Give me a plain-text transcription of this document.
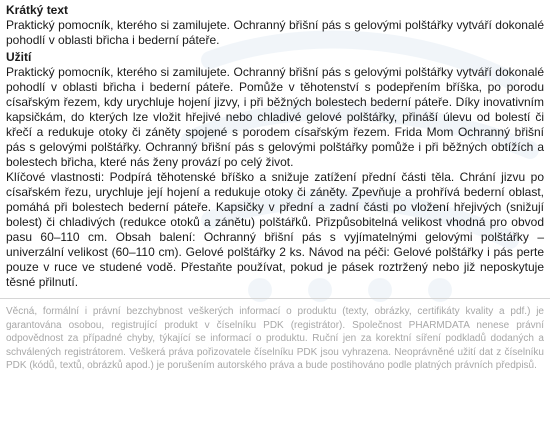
Krátký text

Praktický pomocník, kterého si zamilujete. Ochranný břišní pás s gelovými polštářky vytváří dokonalé pohodlí v oblasti břicha i bederní páteře.

Užití

Praktický pomocník, kterého si zamilujete. Ochranný břišní pás s gelovými polštářky vytváří dokonalé pohodlí v oblasti břicha i bederní páteře. Pomůže v těhotenství s podepřením bříška, po porodu císařským řezem, kdy urychluje hojení jizvy, i při běžných bolestech bederní páteře. Díky inovativním kapsičkám, do kterých lze vložit hřejivé nebo chladivé gelové polštářky, přináší úlevu od bolestí či křečí a redukuje otoky či záněty spojené s porodem císařským řezem. Frida Mom Ochranný břišní pás s gelovými polštářky. Ochranný břišní pás s gelovými polštářky pomůže i při běžných obtížích a bolestech břicha, které nás ženy provází po celý život.

Klíčové vlastnosti: Podpírá těhotenské bříško a snižuje zatížení přední části těla. Chrání jizvu po císařském řezu, urychluje její hojení a redukuje otoky či záněty. Zpevňuje a prohřívá bederní oblast, pomáhá při bolestech bederní páteře. Kapsičky v přední a zadní části po vložení hřejivých (snižují bolest) či chladivých (redukce otoků a zánětu) polštářků. Přizpůsobitelná velikost vhodná pro obvod pasu 60–110 cm. Obsah balení: Ochranný břišní pás s vyjímatelnými gelovými polštářky – univerzální velikost (60–110 cm). Gelové polštářky 2 ks. Návod na péči: Gelové polštářky i pás perte pouze v ruce ve studené vodě. Přestaňte používat, pokud je pásek roztržený nebo již neposkytuje těsné přilnutí.

Věcná, formální i právní bezchybnost veškerých informací o produktu (texty, obrázky, certifikáty kvality a pdf.) je garantována osobou, registrující produkt v číselníku PDK (registrátor). Společnost PHARMDATA nenese právní odpovědnost za případné chyby, týkající se informací o produktu. Ruční jen za korektní síření podkladů dodaných a schválených registrátorem. Veškerá práva pořizovatele číselníku PDK jsou vyhrazena. Neoprávněné užití dat z číselníku PDK (kódů, textů, obrázků apod.) je porušením autorského práva a bude postihováno podle platných právních předpisů.
